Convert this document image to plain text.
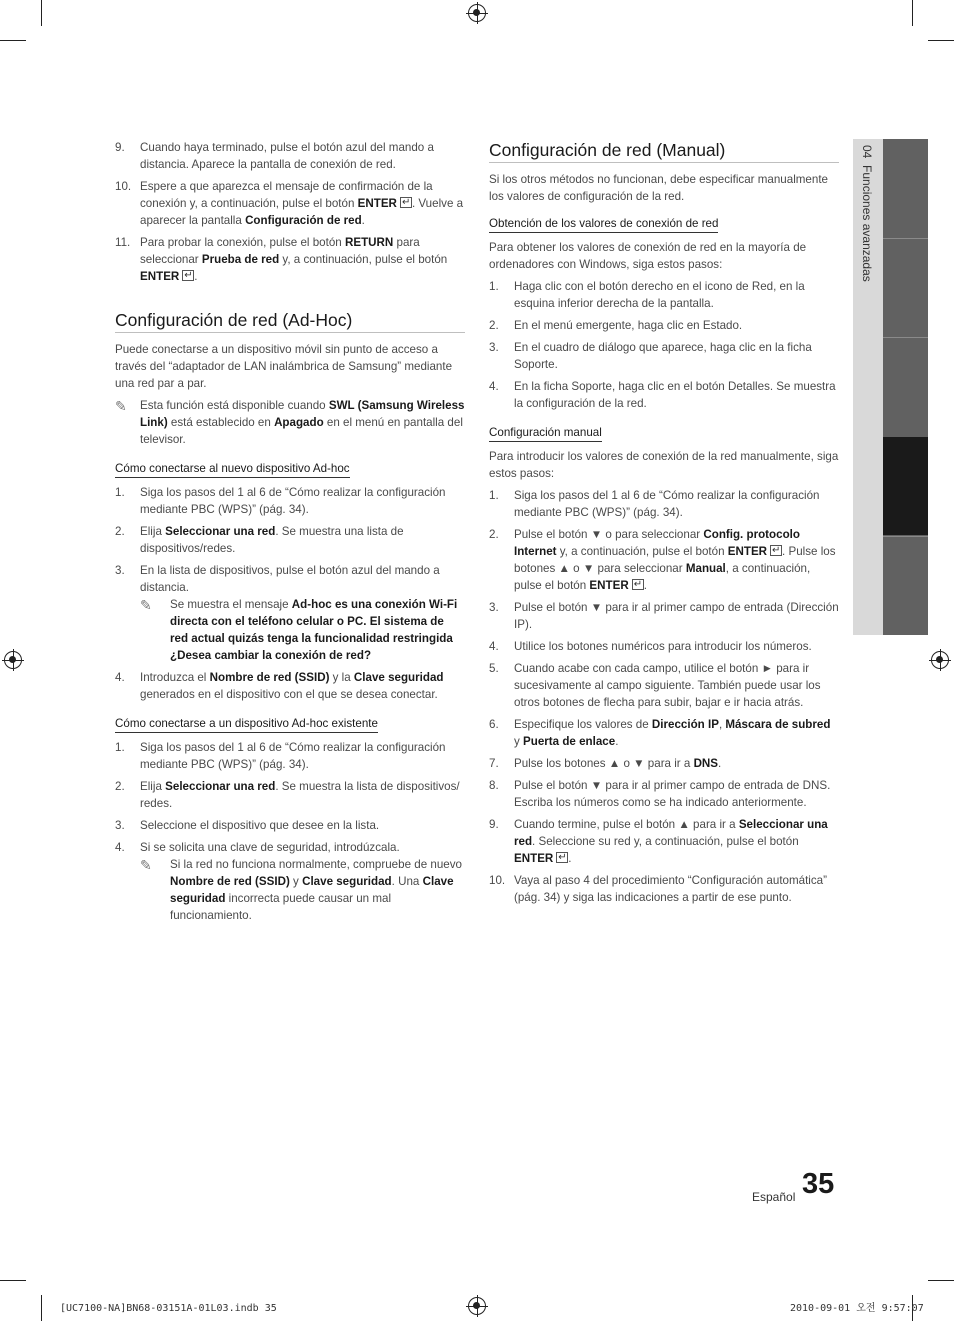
04  Funciones avanzadas
9. Cuando haya terminado, pulse el botón azul del mando a distancia. Aparece la pantalla de conexión de red.
10. Espere a que aparezca el mensaje de confirmación de la conexión y, a continuación, pulse el botón ENTER ↵ . Vuelve a aparecer la pantalla Configuración de red.
11. Para probar la conexión, pulse el botón RETURN para seleccionar Prueba de red y, a continuación, pulse el botón ENTER ↵ .
Configuración de red (Ad-Hoc)
Puede conectarse a un dispositivo móvil sin punto de acceso a través del “adaptador de LAN inalámbrica de Samsung” mediante una red par a par.
✎ Esta función está disponible cuando SWL (Samsung Wireless Link) está establecido en Apagado en el menú en pantalla del televisor.
Cómo conectarse al nuevo dispositivo Ad-hoc
1. Siga los pasos del 1 al 6 de “Cómo realizar la configuración mediante PBC (WPS)” (pág. 34).
2. Elija Seleccionar una red. Se muestra una lista de dispositivos/redes.
3. En la lista de dispositivos, pulse el botón azul del mando a distancia.
✎ Se muestra el mensaje Ad-hoc es una conexión Wi-Fi directa con el teléfono celular o PC. El sistema de red actual quizás tenga la funcionalidad restringida ¿Desea cambiar la conexión de red?
4. Introduzca el Nombre de red (SSID) y la Clave seguridad generados en el dispositivo con el que se desea conectar.
Cómo conectarse a un dispositivo Ad-hoc existente
1. Siga los pasos del 1 al 6 de “Cómo realizar la configuración mediante PBC (WPS)” (pág. 34).
2. Elija Seleccionar una red. Se muestra la lista de dispositivos/ redes.
3. Seleccione el dispositivo que desee en la lista.
4. Si se solicita una clave de seguridad, introdúzcala.
✎ Si la red no funciona normalmente, compruebe de nuevo Nombre de red (SSID) y Clave seguridad. Una Clave seguridad incorrecta puede causar un mal funcionamiento.
Configuración de red (Manual)
Si los otros métodos no funcionan, debe especificar manualmente los valores de configuración de la red.
Obtención de los valores de conexión de red
Para obtener los valores de conexión de red en la mayoría de ordenadores con Windows, siga estos pasos:
1. Haga clic con el botón derecho en el icono de Red, en la esquina inferior derecha de la pantalla.
2. En el menú emergente, haga clic en Estado.
3. En el cuadro de diálogo que aparece, haga clic en la ficha Soporte.
4. En la ficha Soporte, haga clic en el botón Detalles. Se muestra la configuración de la red.
Configuración manual
Para introducir los valores de conexión de la red manualmente, siga estos pasos:
1. Siga los pasos del 1 al 6 de “Cómo realizar la configuración mediante PBC (WPS)” (pág. 34).
2. Pulse el botón ▼ o para seleccionar Config. protocolo Internet y, a continuación, pulse el botón ENTER ↵ . Pulse los botones ▲ o ▼ para seleccionar Manual, a continuación, pulse el botón ENTER ↵ .
3. Pulse el botón ▼ para ir al primer campo de entrada (Dirección IP).
4. Utilice los botones numéricos para introducir los números.
5. Cuando acabe con cada campo, utilice el botón ► para ir sucesivamente al campo siguiente. También puede usar los otros botones de flecha para subir, bajar e ir hacia atrás.
6. Especifique los valores de Dirección IP, Máscara de subred y Puerta de enlace.
7. Pulse los botones ▲ o ▼ para ir a DNS.
8. Pulse el botón ▼ para ir al primer campo de entrada de DNS. Escriba los números como se ha indicado anteriormente.
9. Cuando termine, pulse el botón ▲ para ir a Seleccionar una red. Seleccione su red y, a continuación, pulse el botón ENTER ↵ .
10. Vaya al paso 4 del procedimiento “Configuración automática” (pág. 34) y siga las indicaciones a partir de ese punto.
Español 35
[UC7100-NA]BN68-03151A-01L03.indb 35	2010-09-01 오전 9:57:07
